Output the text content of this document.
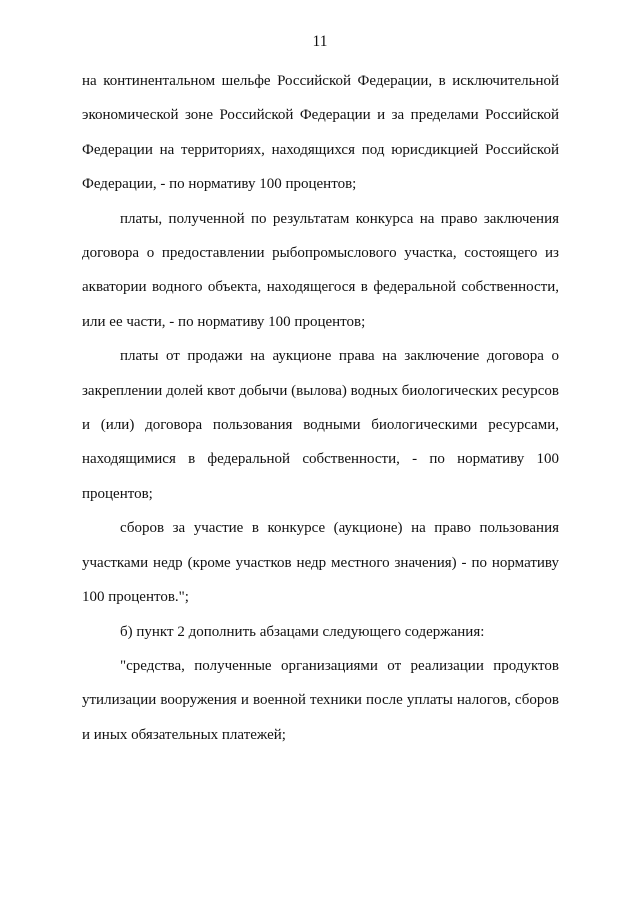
11

на континентальном шельфе Российской Федерации, в исключительной экономической зоне Российской Федерации и за пределами Российской Федерации на территориях, находящихся под юрисдикцией Российской Федерации, - по нормативу 100 процентов;

платы, полученной по результатам конкурса на право заключения договора о предоставлении рыбопромыслового участка, состоящего из акватории водного объекта, находящегося в федеральной собственности, или ее части, - по нормативу 100 процентов;

платы от продажи на аукционе права на заключение договора о закреплении долей квот добычи (вылова) водных биологических ресурсов и (или) договора пользования водными биологическими ресурсами, находящимися в федеральной собственности, - по нормативу 100 процентов;

сборов за участие в конкурсе (аукционе) на право пользования участками недр (кроме участков недр местного значения) - по нормативу 100 процентов.";

б) пункт 2 дополнить абзацами следующего содержания:

"средства, полученные организациями от реализации продуктов утилизации вооружения и военной техники после уплаты налогов, сборов и иных обязательных платежей;
